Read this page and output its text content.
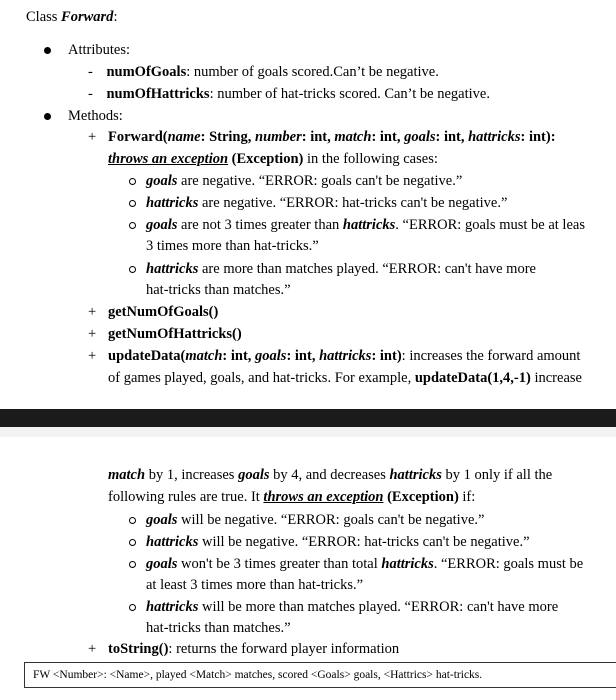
Class Forward:
Attributes:
- numOfGoals: number of goals scored.Can’t be negative.
- numOfHattricks: number of hat-tricks scored. Can’t be negative.
Methods:
+ Forward(name: String, number: int, match: int, goals: int, hattricks: int):
throws an exception (Exception) in the following cases:
goals are negative. “ERROR: goals can't be negative.”
hattricks are negative. “ERROR: hat-tricks can't be negative.”
goals are not 3 times greater than hattricks. “ERROR: goals must be at leas
3 times more than hat-tricks.”
hattricks are more than matches played. “ERROR: can't have more
hat-tricks than matches.”
+ getNumOfGoals()
+ getNumOfHattricks()
+ updateData(match: int, goals: int, hattricks: int): increases the forward amount
of games played, goals, and hat-tricks. For example, updateData(1,4,-1) increase
match by 1, increases goals by 4, and decreases hattricks by 1 only if all the
following rules are true. It throws an exception (Exception) if:
goals will be negative. “ERROR: goals can't be negative.”
hattricks will be negative. “ERROR: hat-tricks can't be negative.”
goals won't be 3 times greater than total hattricks. “ERROR: goals must be
at least 3 times more than hat-tricks.”
hattricks will be more than matches played. “ERROR: can't have more
hat-tricks than matches.”
+ toString(): returns the forward player information
FW <Number>: <Name>, played <Match> matches, scored <Goals> goals, <Hattrics> hat-tricks.
